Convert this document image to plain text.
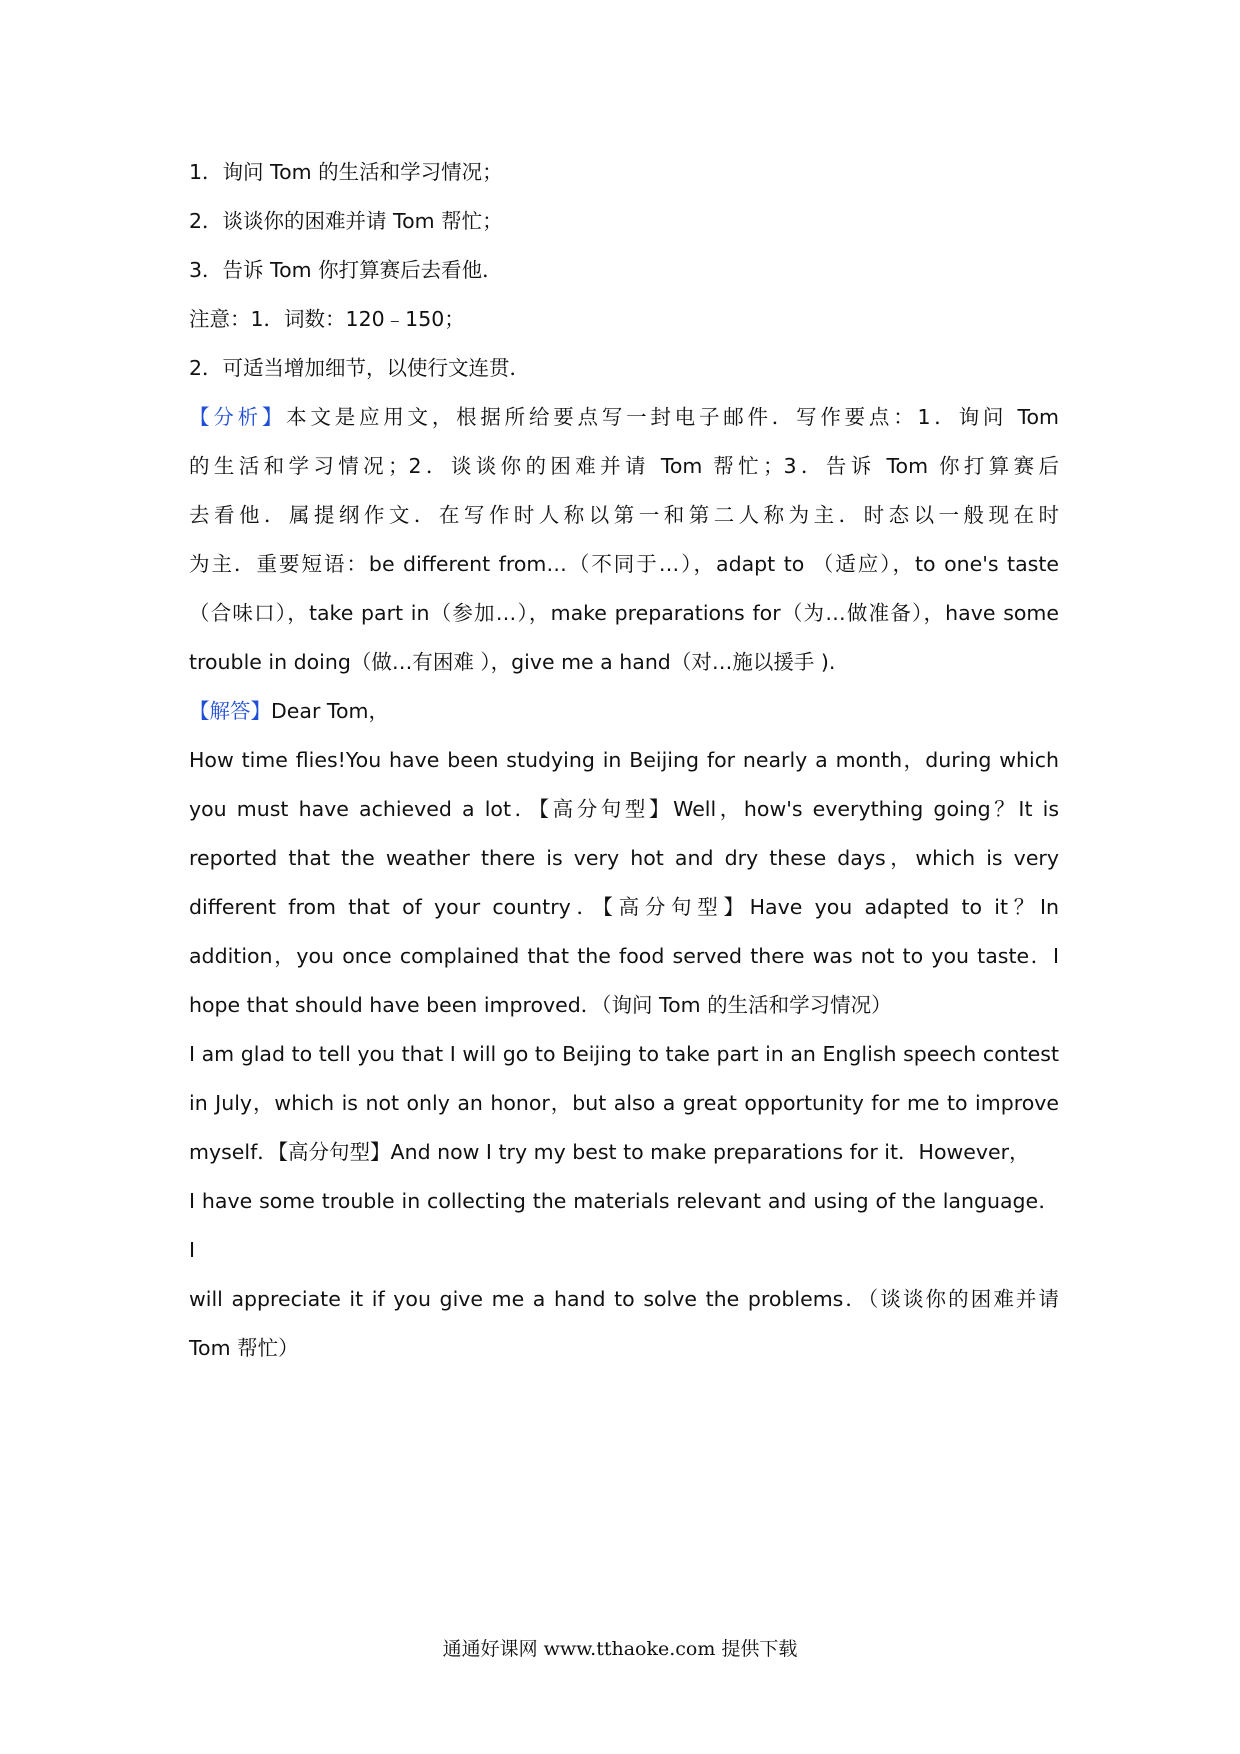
1．询问 Tom 的生活和学习情况；
2．谈谈你的困难并请 Tom 帮忙；
3．告诉 Tom 你打算赛后去看他．
注意：1．词数：120﹣150；
2．可适当增加细节，以使行文连贯．
【分析】本文是应用文，根据所给要点写一封电子邮件．写作要点：1．询问 Tom
的生活和学习情况；2．谈谈你的困难并请 Tom 帮忙；3．告诉 Tom 你打算赛后
去看他．属提纲作文．在写作时人称以第一和第二人称为主．时态以一般现在时
为主．重要短语：be different from…（不同于…），adapt to （适应），to one's taste
（合味口），take part in（参加…），make preparations for（为…做准备），have some
trouble in doing（做…有困难 ），give me a hand（对…施以援手 ).
【解答】Dear Tom，
How time flies!You have been studying in Beijing for nearly a month，during which
you must have achieved a lot．【高分句型】Well，how's everything going？It is
reported that the weather there is very hot and dry these days，which is very
different from that of your country．【高分句型】Have you adapted to it？In
addition，you once complained that the food served there was not to you taste．I
hope that should have been improved．（询问 Tom 的生活和学习情况）
I am glad to tell you that I will go to Beijing to take part in an English speech contest
in July，which is not only an honor，but also a great opportunity for me to improve
myself．【高分句型】And now I try my best to make preparations for it．However，
I have some trouble in collecting the materials relevant and using of the language．I
will appreciate it if you give me a hand to solve the problems．（谈谈你的困难并请
Tom 帮忙）
通通好课网 www.tthaoke.com 提供下载
